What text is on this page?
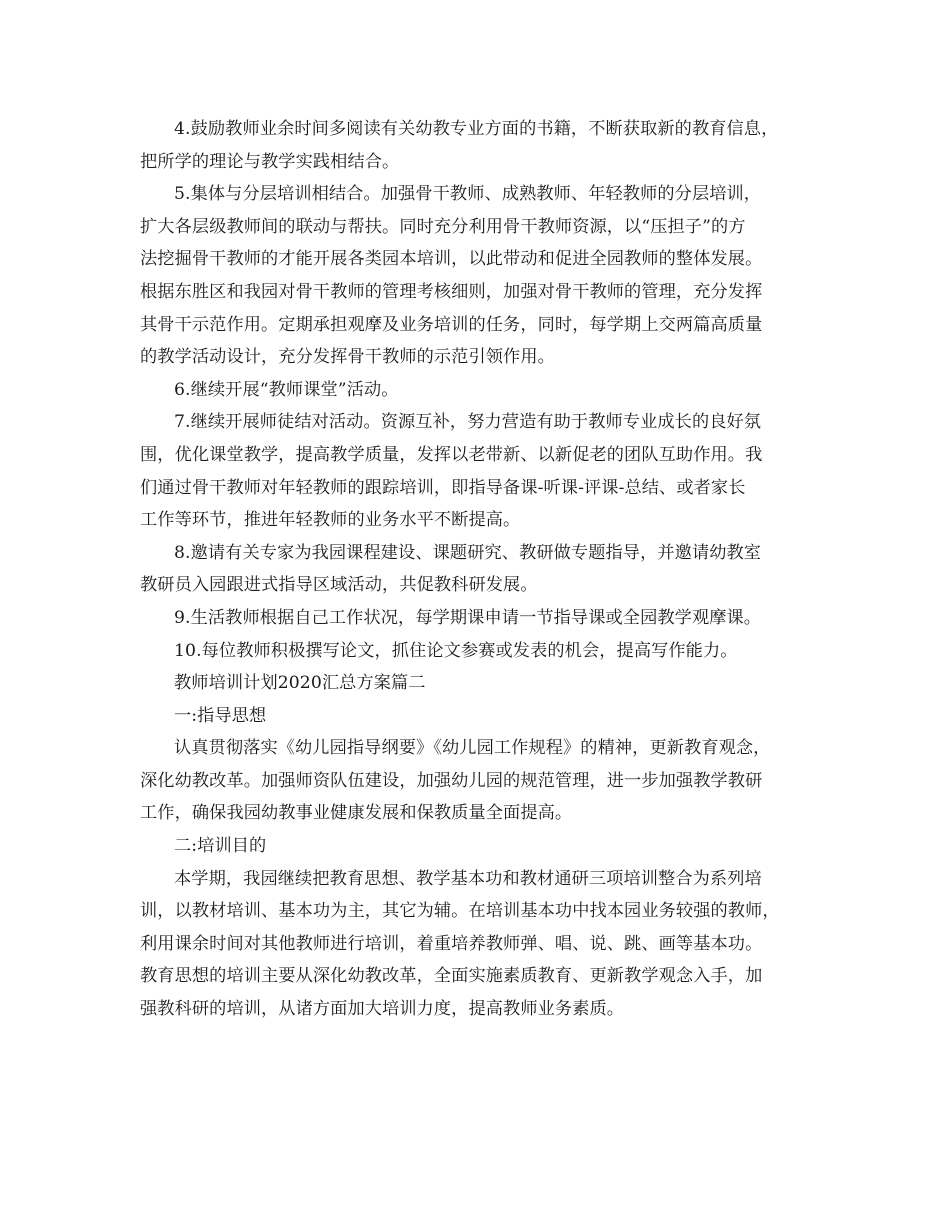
4.鼓励教师业余时间多阅读有关幼教专业方面的书籍，不断获取新的教育信息，
把所学的理论与教学实践相结合。
5.集体与分层培训相结合。加强骨干教师、成熟教师、年轻教师的分层培训，
扩大各层级教师间的联动与帮扶。同时充分利用骨干教师资源，以“压担子”的方
法挖掘骨干教师的才能开展各类园本培训，以此带动和促进全园教师的整体发展。
根据东胜区和我园对骨干教师的管理考核细则，加强对骨干教师的管理，充分发挥
其骨干示范作用。定期承担观摩及业务培训的任务，同时，每学期上交两篇高质量
的教学活动设计，充分发挥骨干教师的示范引领作用。
6.继续开展“教师课堂”活动。
7.继续开展师徒结对活动。资源互补，努力营造有助于教师专业成长的良好氛
围，优化课堂教学，提高教学质量，发挥以老带新、以新促老的团队互助作用。我
们通过骨干教师对年轻教师的跟踪培训，即指导备课-听课-评课-总结、或者家长
工作等环节，推进年轻教师的业务水平不断提高。
8.邀请有关专家为我园课程建设、课题研究、教研做专题指导，并邀请幼教室
教研员入园跟进式指导区域活动，共促教科研发展。
9.生活教师根据自己工作状况，每学期课申请一节指导课或全园教学观摩课。
10.每位教师积极撰写论文，抓住论文参赛或发表的机会，提高写作能力。
教师培训计划2020汇总方案篇二
一:指导思想
认真贯彻落实《幼儿园指导纲要》《幼儿园工作规程》的精神，更新教育观念，
深化幼教改革。加强师资队伍建设，加强幼儿园的规范管理，进一步加强教学教研
工作，确保我园幼教事业健康发展和保教质量全面提高。
二:培训目的
本学期，我园继续把教育思想、教学基本功和教材通研三项培训整合为系列培
训，以教材培训、基本功为主，其它为辅。在培训基本功中找本园业务较强的教师，
利用课余时间对其他教师进行培训，着重培养教师弹、唱、说、跳、画等基本功。
教育思想的培训主要从深化幼教改革，全面实施素质教育、更新教学观念入手，加
强教科研的培训，从诸方面加大培训力度，提高教师业务素质。
